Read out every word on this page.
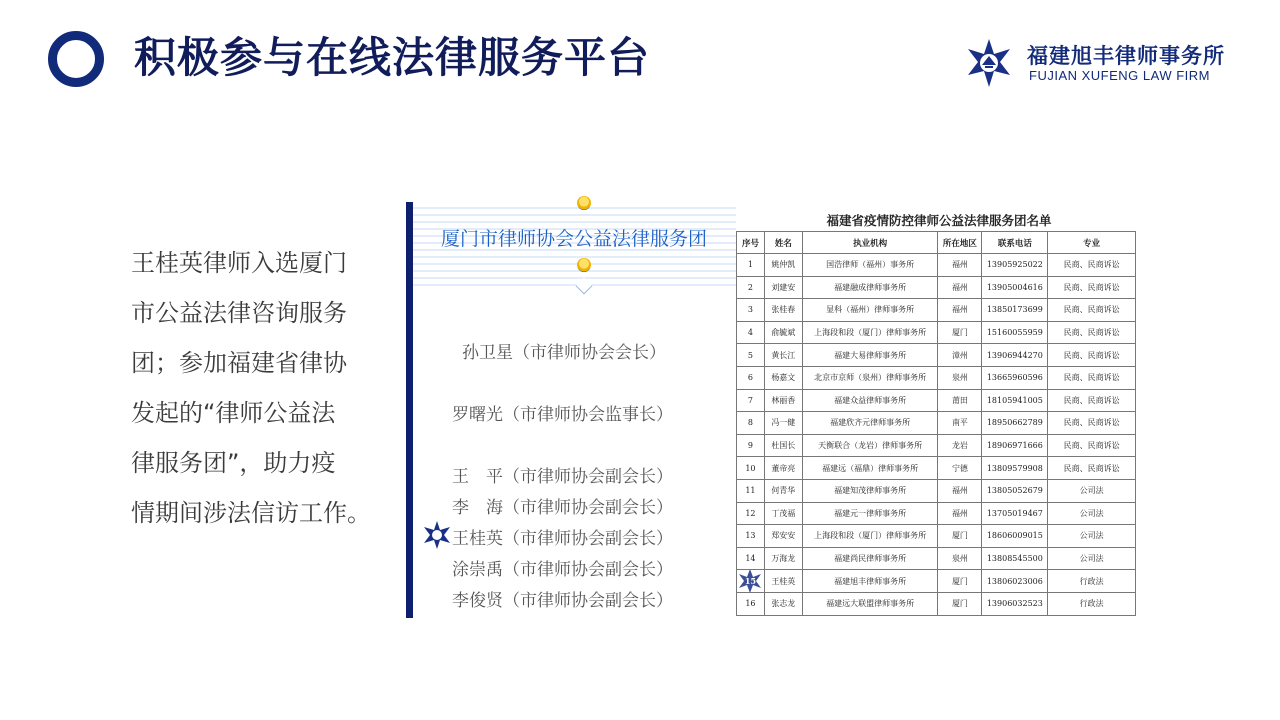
积极参与在线法律服务平台	福建旭丰律师事务所
FUJIAN XUFENG LAW FIRM
王桂英律师入选厦门
市公益法律咨询服务
团；参加福建省律协
发起的“律师公益法
律服务团”，助力疫
情期间涉法信访工作。
厦门市律师协会公益法律服务团
孙卫星（市律师协会会长）
罗曙光（市律师协会监事长）
王　平（市律师协会副会长）
李　海（市律师协会副会长）
王桂英（市律师协会副会长）
涂崇禹（市律师协会副会长）
李俊贤（市律师协会副会长）
福建省疫情防控律师公益法律服务团名单
序号	姓名	执业机构	所在地区	联系电话	专业
1	姚仲凯	国浩律师（福州）事务所	福州	13905925022	民商、民商诉讼
2	刘建安	福建融成律师事务所	福州	13905004616	民商、民商诉讼
3	张桂春	显科（福州）律师事务所	福州	13850173699	民商、民商诉讼
4	俞毓斌	上海段和段（厦门）律师事务所	厦门	15160055959	民商、民商诉讼
5	黄长江	福建大易律师事务所	漳州	13906944270	民商、民商诉讼
6	杨嘉文	北京市京师（泉州）律师事务所	泉州	13665960596	民商、民商诉讼
7	林丽香	福建众益律师事务所	莆田	18105941005	民商、民商诉讼
8	冯一健	福建欣齐元律师事务所	南平	18950662789	民商、民商诉讼
9	杜国长	天衡联合（龙岩）律师事务所	龙岩	18906971666	民商、民商诉讼
10	董帝亮	福建远（福鼎）律师事务所	宁德	13809579908	民商、民商诉讼
11	何青华	福建知茂律师事务所	福州	13805052679	公司法
12	丁茂福	福建元一律师事务所	福州	13705019467	公司法
13	郑安安	上海段和段（厦门）律师事务所	厦门	18606009015	公司法
14	万海龙	福建尚民律师事务所	泉州	13808545500	公司法

15	王桂英	福建旭丰律师事务所	厦门	13806023006	行政法
16	张志龙	福建远大联盟律师事务所	厦门	13906032523	行政法
